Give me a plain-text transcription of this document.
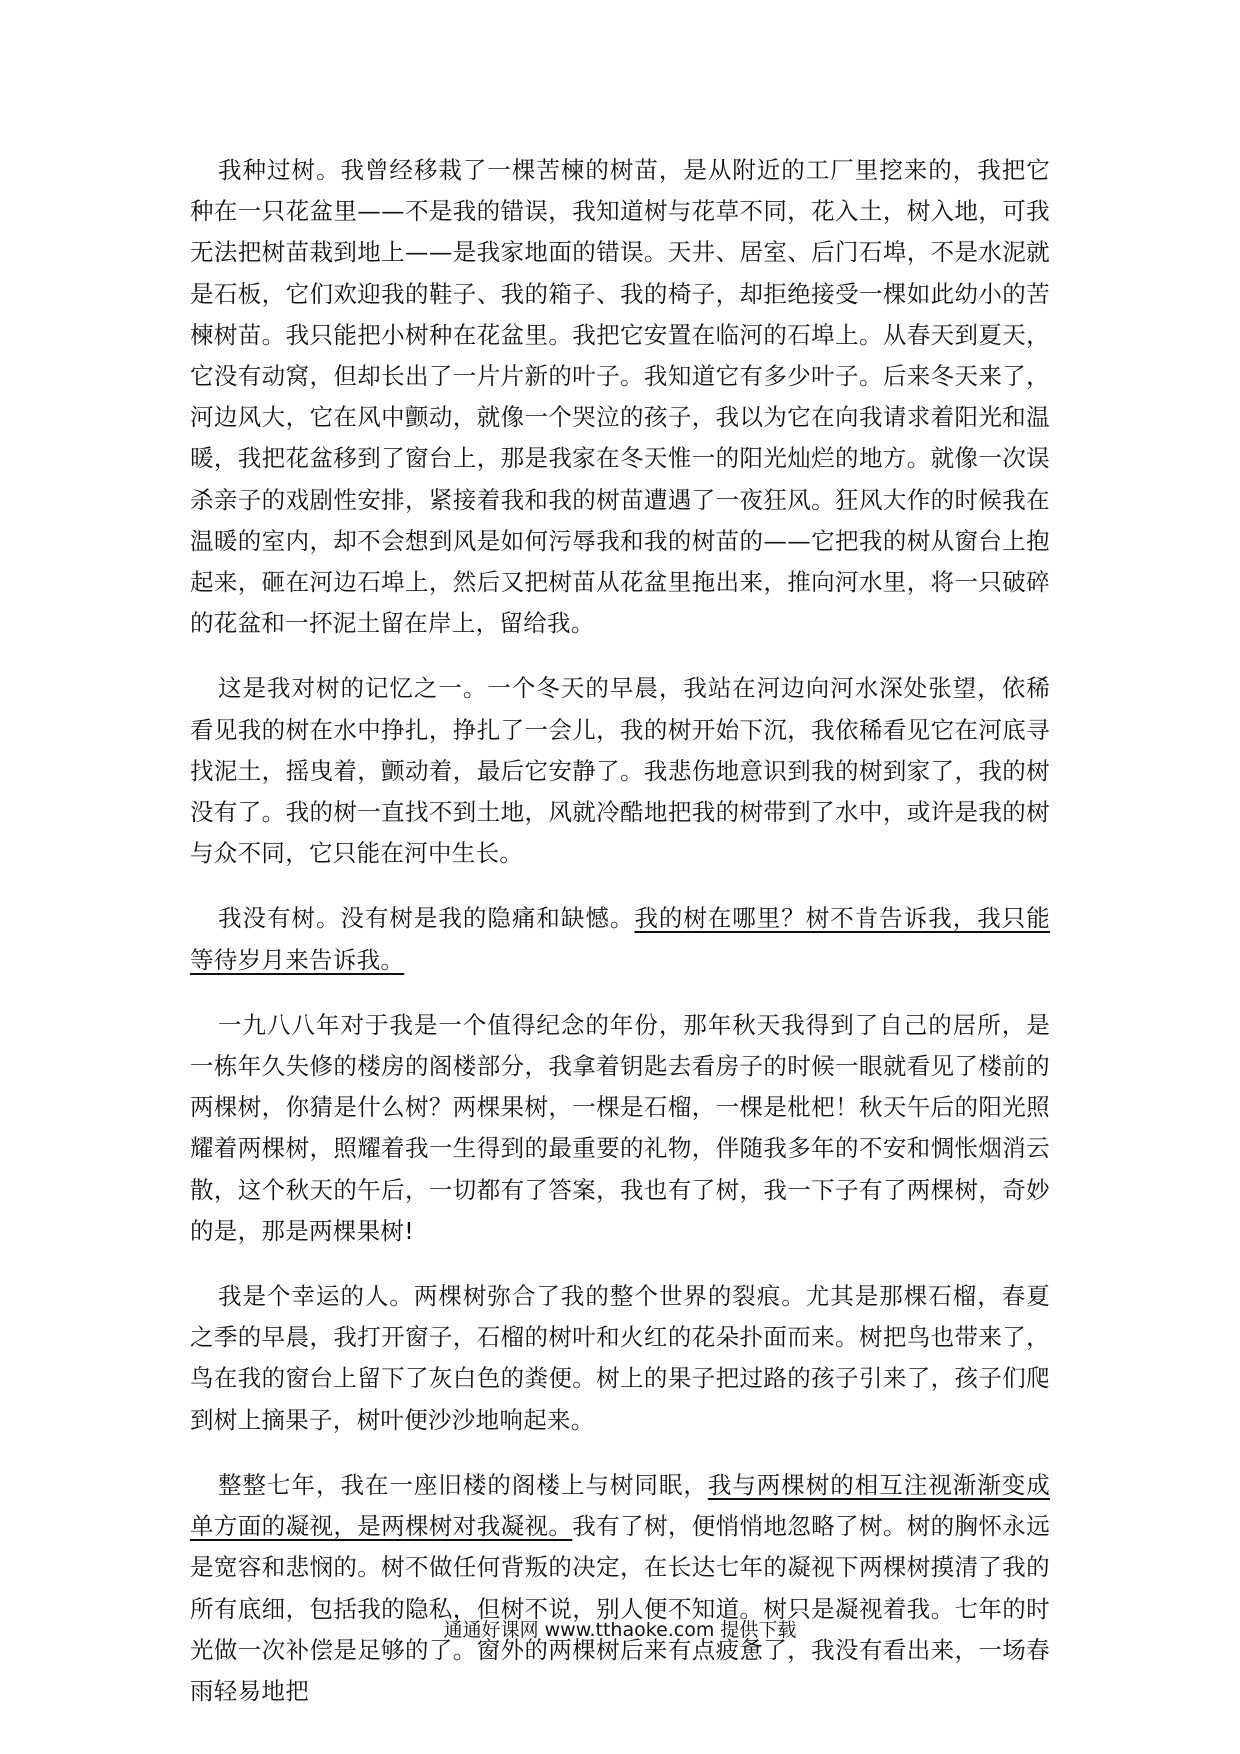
我种过树。我曾经移栽了一棵苦楝的树苗，是从附近的工厂里挖来的，我把它种在一只花盆里——不是我的错误，我知道树与花草不同，花入土，树入地，可我无法把树苗栽到地上——是我家地面的错误。天井、居室、后门石埠，不是水泥就是石板，它们欢迎我的鞋子、我的箱子、我的椅子，却拒绝接受一棵如此幼小的苦楝树苗。我只能把小树种在花盆里。我把它安置在临河的石埠上。从春天到夏天，它没有动窝，但却长出了一片片新的叶子。我知道它有多少叶子。后来冬天来了，河边风大，它在风中颤动，就像一个哭泣的孩子，我以为它在向我请求着阳光和温暖，我把花盆移到了窗台上，那是我家在冬天惟一的阳光灿烂的地方。就像一次误杀亲子的戏剧性安排，紧接着我和我的树苗遭遇了一夜狂风。狂风大作的时候我在温暖的室内，却不会想到风是如何污辱我和我的树苗的——它把我的树从窗台上抱起来，砸在河边石埠上，然后又把树苗从花盆里拖出来，推向河水里，将一只破碎的花盆和一抔泥土留在岸上，留给我。

这是我对树的记忆之一。一个冬天的早晨，我站在河边向河水深处张望，依稀看见我的树在水中挣扎，挣扎了一会儿，我的树开始下沉，我依稀看见它在河底寻找泥土，摇曳着，颤动着，最后它安静了。我悲伤地意识到我的树到家了，我的树没有了。我的树一直找不到土地，风就冷酷地把我的树带到了水中，或许是我的树与众不同，它只能在河中生长。

我没有树。没有树是我的隐痛和缺憾。我的树在哪里？树不肯告诉我，我只能等待岁月来告诉我。

一九八八年对于我是一个值得纪念的年份，那年秋天我得到了自己的居所，是一栋年久失修的楼房的阁楼部分，我拿着钥匙去看房子的时候一眼就看见了楼前的两棵树，你猜是什么树？两棵果树，一棵是石榴，一棵是枇杷！秋天午后的阳光照耀着两棵树，照耀着我一生得到的最重要的礼物，伴随我多年的不安和惆怅烟消云散，这个秋天的午后，一切都有了答案，我也有了树，我一下子有了两棵树，奇妙的是，那是两棵果树!

我是个幸运的人。两棵树弥合了我的整个世界的裂痕。尤其是那棵石榴，春夏之季的早晨，我打开窗子，石榴的树叶和火红的花朵扑面而来。树把鸟也带来了，鸟在我的窗台上留下了灰白色的粪便。树上的果子把过路的孩子引来了，孩子们爬到树上摘果子，树叶便沙沙地响起来。

整整七年，我在一座旧楼的阁楼上与树同眠，我与两棵树的相互注视渐渐变成单方面的凝视，是两棵树对我凝视。我有了树，便悄悄地忽略了树。树的胸怀永远是宽容和悲悯的。树不做任何背叛的决定，在长达七年的凝视下两棵树摸清了我的所有底细，包括我的隐私，但树不说，别人便不知道。树只是凝视着我。七年的时光做一次补偿是足够的了。窗外的两棵树后来有点疲惫了，我没有看出来，一场春雨轻易地把

通通好课网 www.tthaoke.com 提供下载
